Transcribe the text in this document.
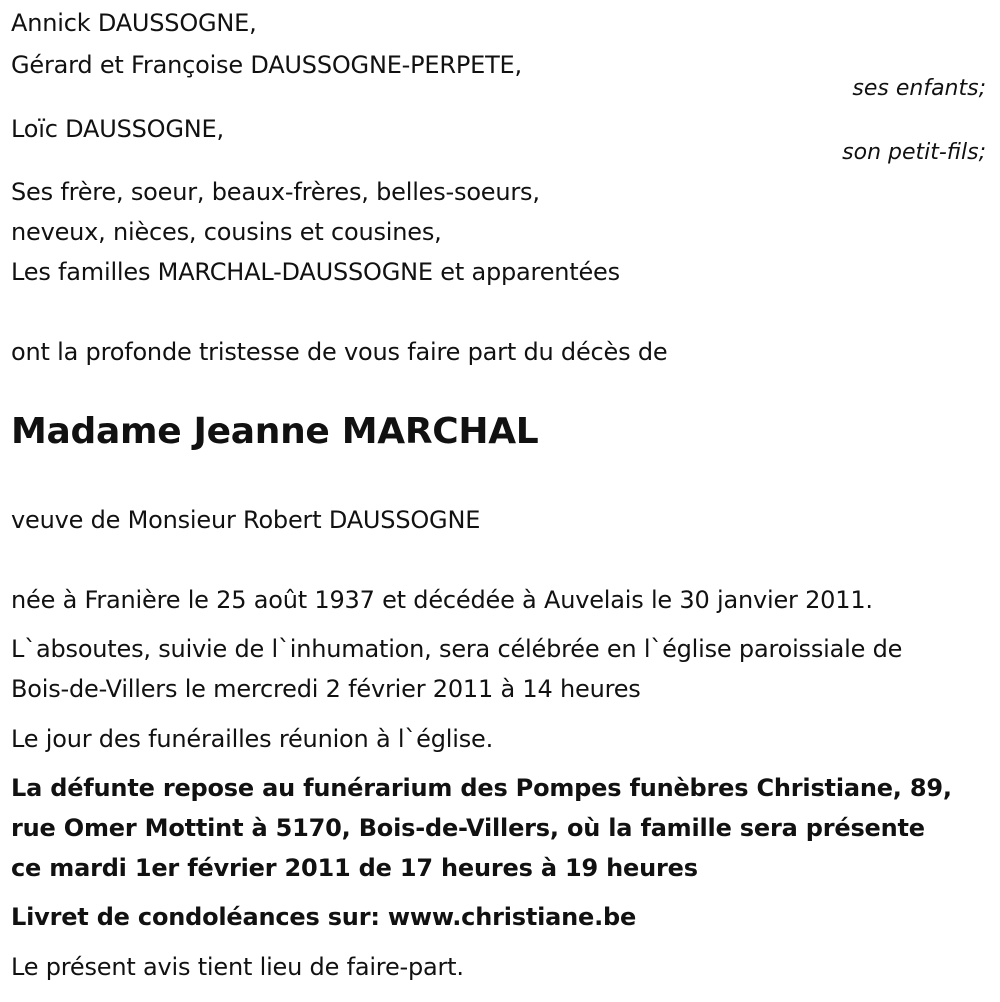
Annick DAUSSOGNE,
Gérard et Françoise DAUSSOGNE-PERPETE,
ses enfants;
Loïc DAUSSOGNE,
son petit-fils;
Ses frère, soeur, beaux-frères, belles-soeurs,
neveux, nièces, cousins et cousines,
Les familles MARCHAL-DAUSSOGNE et apparentées
ont la profonde tristesse de vous faire part du décès de
Madame Jeanne MARCHAL
veuve de Monsieur Robert DAUSSOGNE
née à Franière le 25 août 1937 et décédée à Auvelais le 30 janvier 2011.
L`absoutes, suivie de l`inhumation, sera célébrée en l`église paroissiale de
Bois-de-Villers le mercredi 2 février 2011 à 14 heures
Le jour des funérailles réunion à l`église.
La défunte repose au funérarium des Pompes funèbres Christiane, 89,
rue Omer Mottint à 5170, Bois-de-Villers, où la famille sera présente
ce mardi 1er février 2011 de 17 heures à 19 heures
Livret de condoléances sur: www.christiane.be
Le présent avis tient lieu de faire-part.
